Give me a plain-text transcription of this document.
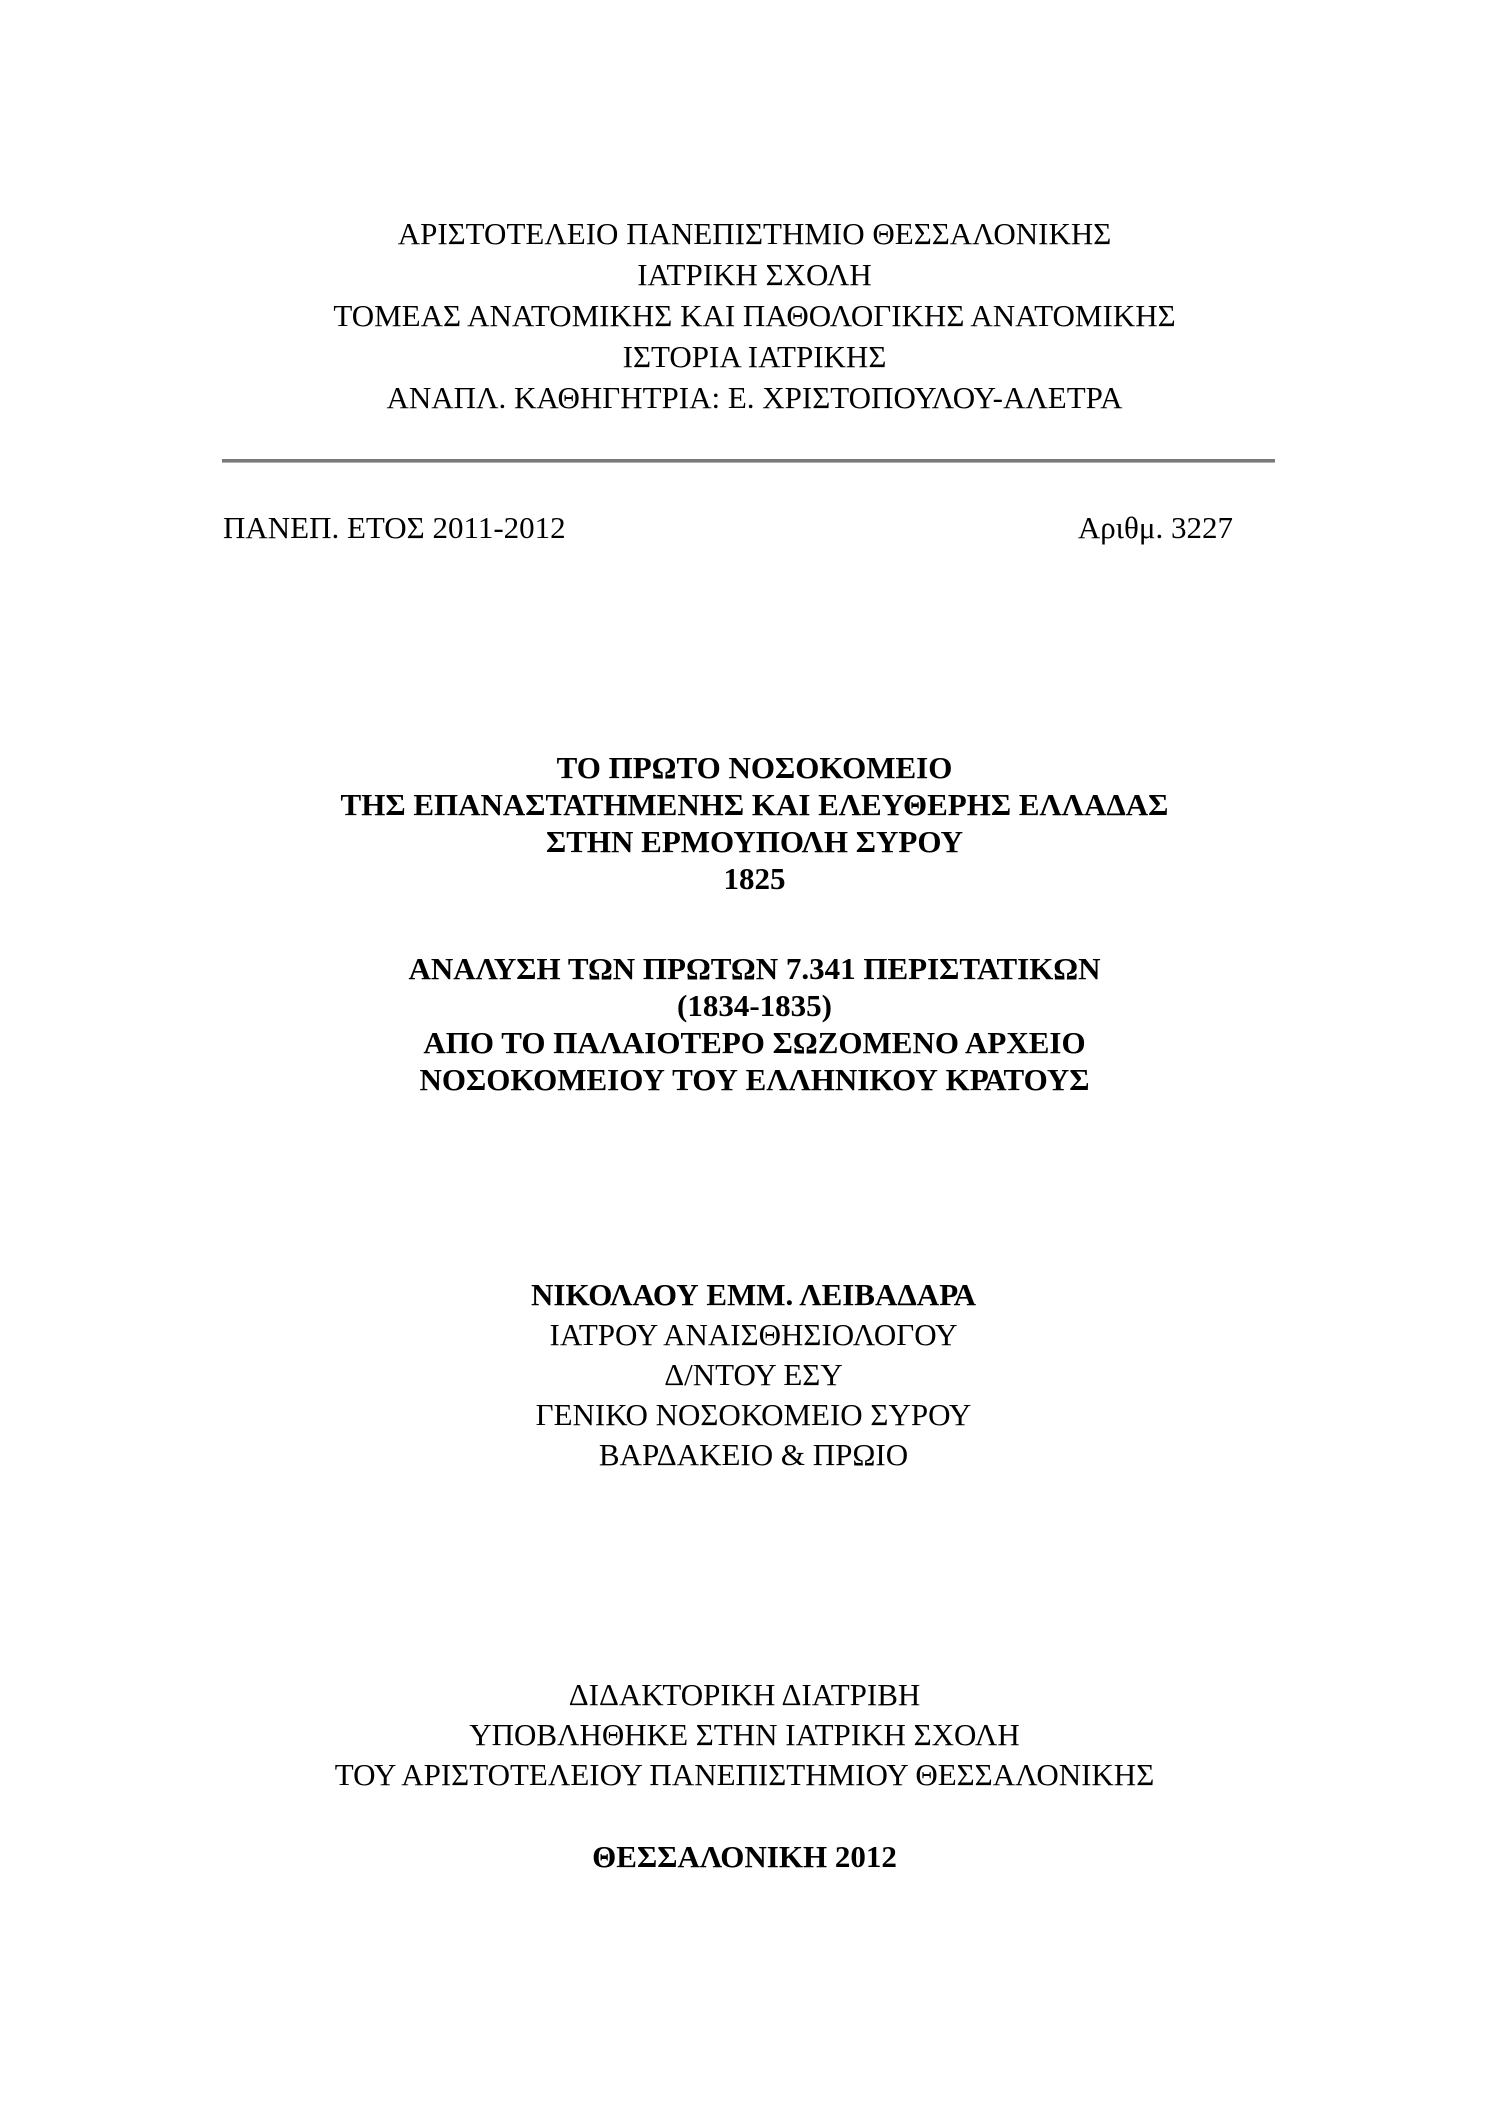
ΑΡΙΣΤΟΤΕΛΕΙΟ ΠΑΝΕΠΙΣΤΗΜΙΟ ΘΕΣΣΑΛΟΝΙΚΗΣ
ΙΑΤΡΙΚΗ ΣΧΟΛΗ
ΤΟΜΕΑΣ ΑΝΑΤΟΜΙΚΗΣ ΚΑΙ ΠΑΘΟΛΟΓΙΚΗΣ ΑΝΑΤΟΜΙΚΗΣ
ΙΣΤΟΡΙΑ ΙΑΤΡΙΚΗΣ
ΑΝΑΠΛ. ΚΑΘΗΓΗΤΡΙΑ: Ε. ΧΡΙΣΤΟΠΟΥΛΟΥ-ΑΛΕΤΡΑ
ΠΑΝΕΠ. ΕΤΟΣ 2011-2012	Αριθμ. 3227
ΤΟ ΠΡΩΤΟ ΝΟΣΟΚΟΜΕΙΟ
ΤΗΣ ΕΠΑΝΑΣΤΑΤΗΜΕΝΗΣ ΚΑΙ ΕΛΕΥΘΕΡΗΣ ΕΛΛΑΔΑΣ
ΣΤΗΝ ΕΡΜΟΥΠΟΛΗ ΣΥΡΟΥ
1825
ΑΝΑΛΥΣΗ ΤΩΝ ΠΡΩΤΩΝ 7.341 ΠΕΡΙΣΤΑΤΙΚΩΝ
(1834-1835)
ΑΠΟ ΤΟ ΠΑΛΑΙΟΤΕΡΟ ΣΩΖΟΜΕΝΟ ΑΡΧΕΙΟ
ΝΟΣΟΚΟΜΕΙΟΥ ΤΟΥ ΕΛΛΗΝΙΚΟΥ ΚΡΑΤΟΥΣ
ΝΙΚΟΛΑΟΥ ΕΜΜ. ΛΕΙΒΑΔΑΡΑ
ΙΑΤΡΟΥ ΑΝΑΙΣΘΗΣΙΟΛΟΓΟΥ
Δ/ΝΤΟΥ ΕΣΥ
ΓΕΝΙΚΟ ΝΟΣΟΚΟΜΕΙΟ ΣΥΡΟΥ
ΒΑΡΔΑΚΕΙΟ & ΠΡΩΙΟ
ΔΙΔΑΚΤΟΡΙΚΗ ΔΙΑΤΡΙΒΗ
ΥΠΟΒΛΗΘΗΚΕ ΣΤΗΝ ΙΑΤΡΙΚΗ ΣΧΟΛΗ
ΤΟΥ ΑΡΙΣΤΟΤΕΛΕΙΟΥ ΠΑΝΕΠΙΣΤΗΜΙΟΥ ΘΕΣΣΑΛΟΝΙΚΗΣ
ΘΕΣΣΑΛΟΝΙΚΗ 2012
